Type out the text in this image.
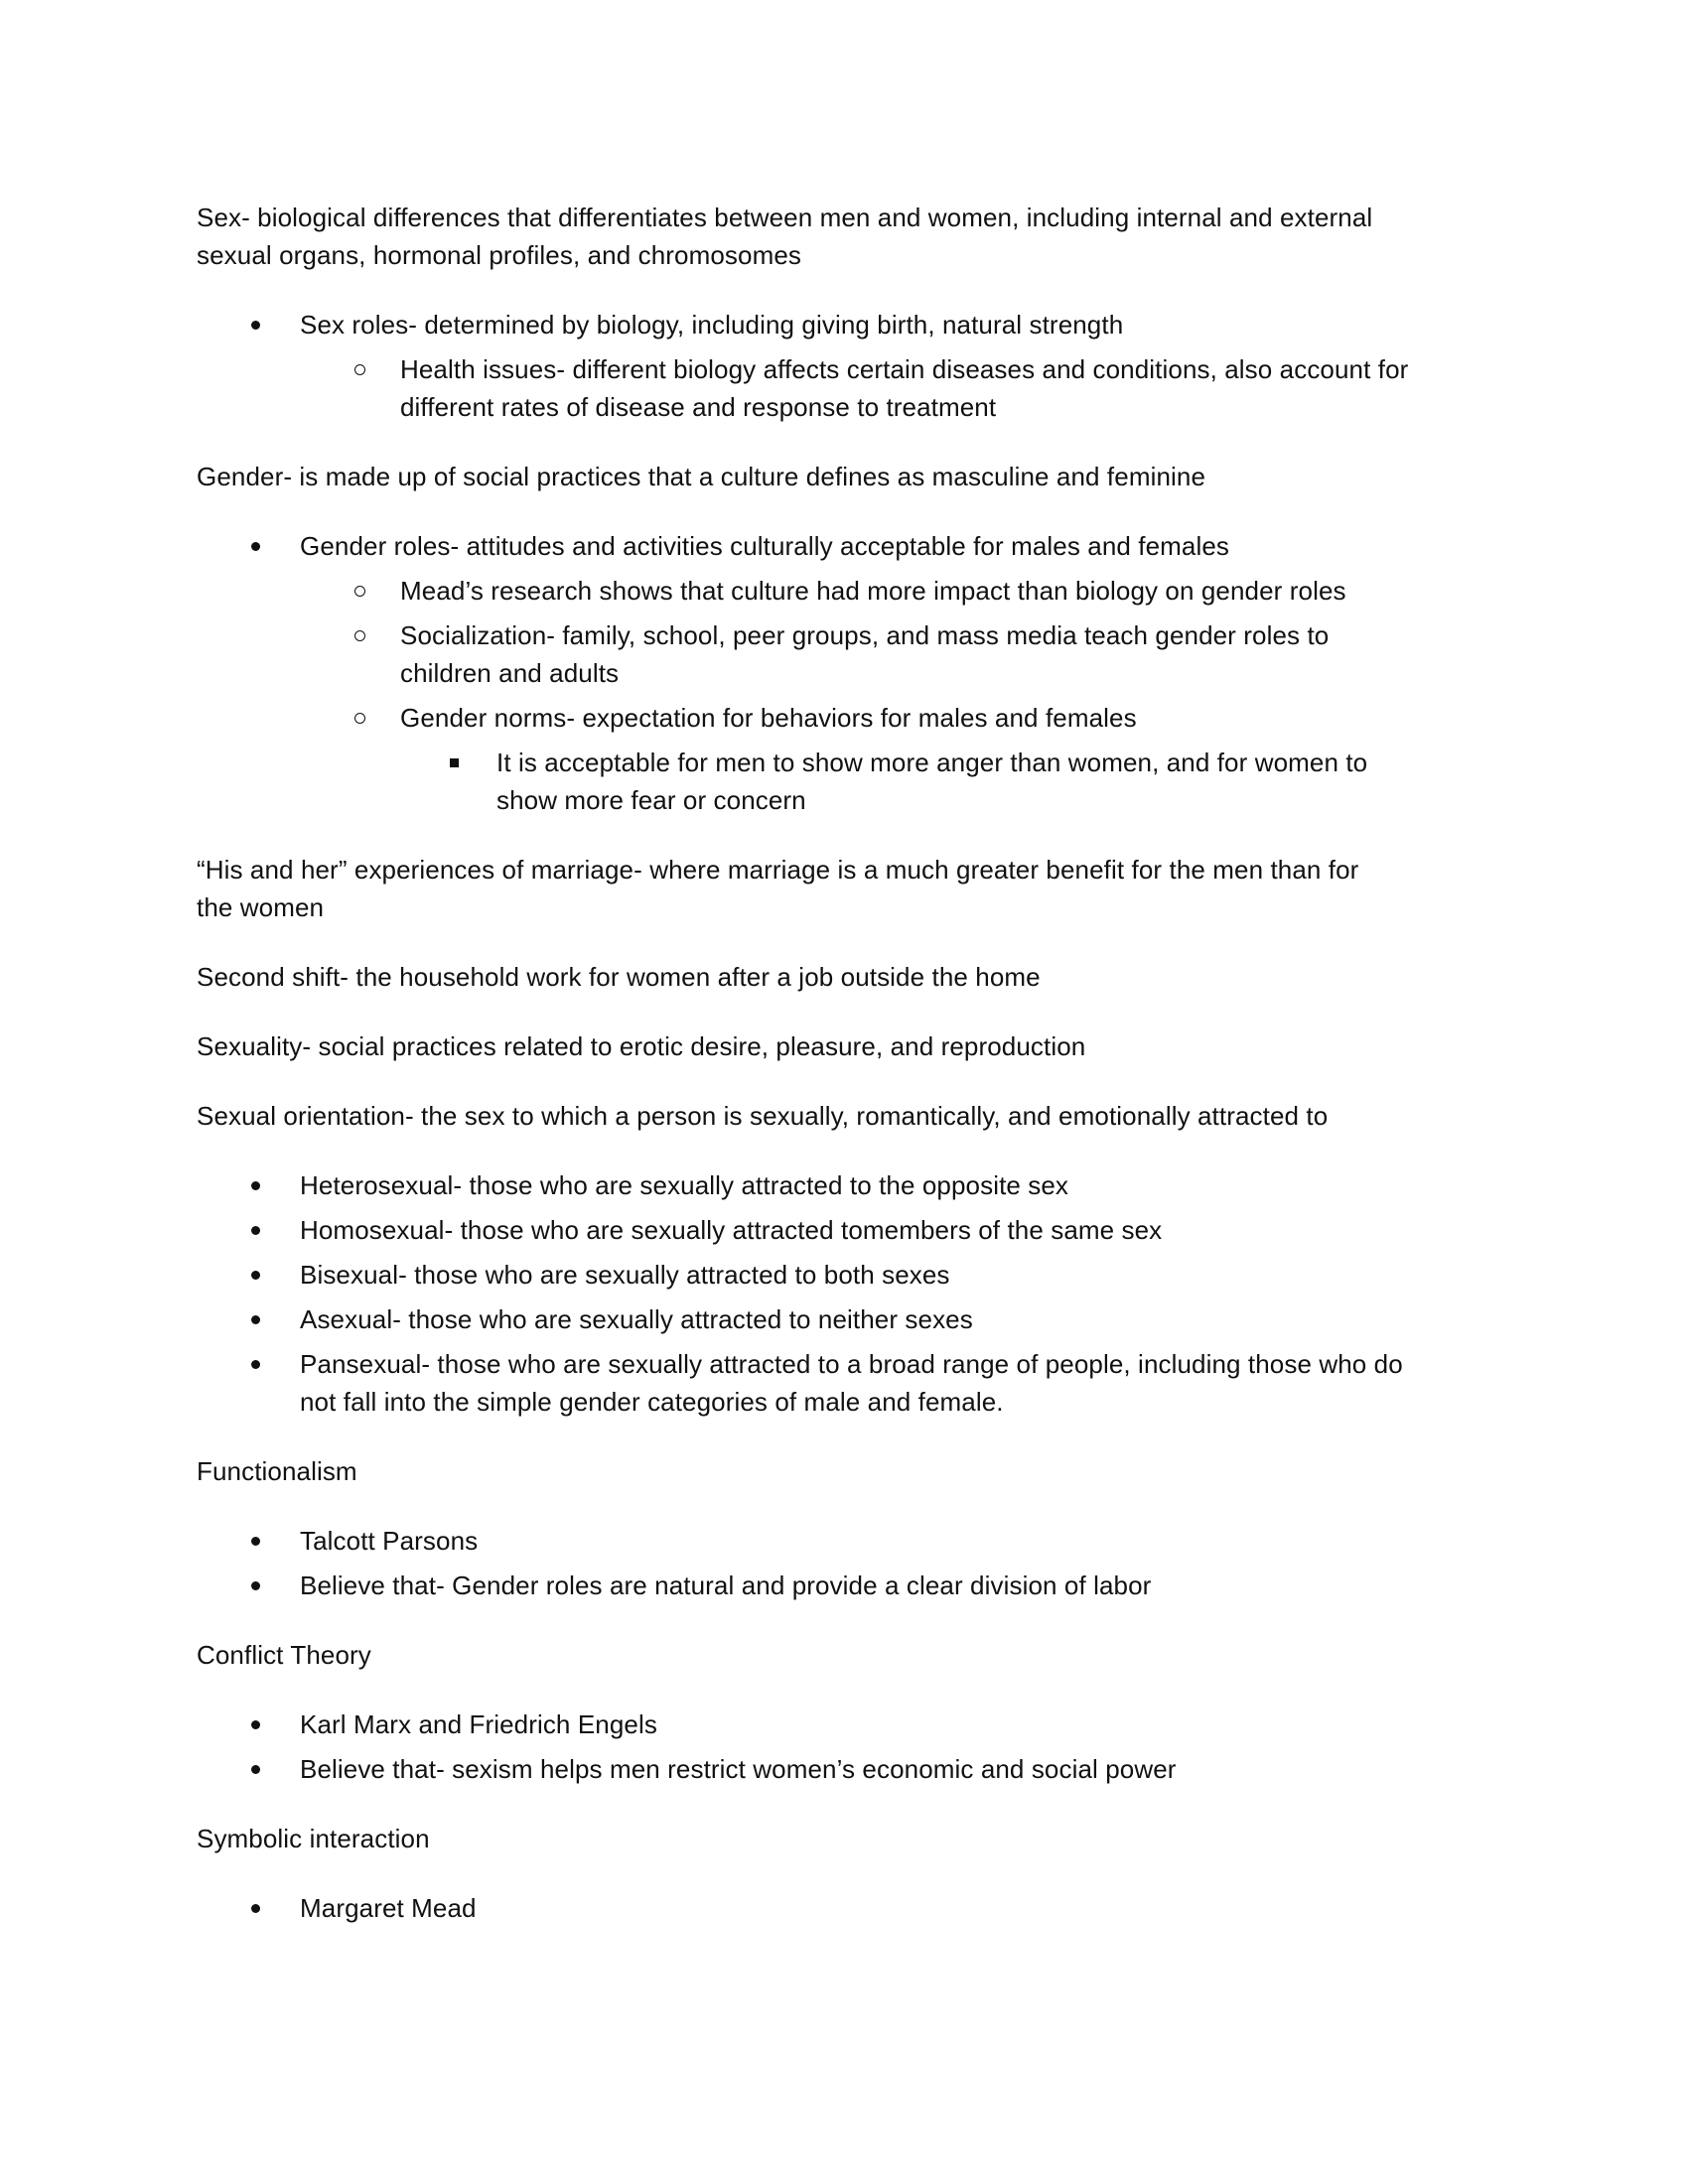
Sex- biological differences that differentiates between men and women, including internal and external
sexual organs, hormonal profiles, and chromosomes
Sex roles- determined by biology, including giving birth, natural strength
Health issues- different biology affects certain diseases and conditions, also account for
different rates of disease and response to treatment
Gender- is made up of social practices that a culture defines as masculine and feminine
Gender roles- attitudes and activities culturally acceptable for males and females
Mead’s research shows that culture had more impact than biology on gender roles
Socialization- family, school, peer groups, and mass media teach gender roles to
children and adults
Gender norms- expectation for behaviors for males and females
It is acceptable for men to show more anger than women, and for women to
show more fear or concern
“His and her” experiences of marriage- where marriage is a much greater benefit for the men than for
the women
Second shift- the household work for women after a job outside the home
Sexuality- social practices related to erotic desire, pleasure, and reproduction
Sexual orientation- the sex to which a person is sexually, romantically, and emotionally attracted to
Heterosexual- those who are sexually attracted to the opposite sex
Homosexual- those who are sexually attracted tomembers of the same sex
Bisexual- those who are sexually attracted to both sexes
Asexual- those who are sexually attracted to neither sexes
Pansexual- those who are sexually attracted to a broad range of people, including those who do
not fall into the simple gender categories of male and female.
Functionalism
Talcott Parsons
Believe that- Gender roles are natural and provide a clear division of labor
Conflict Theory
Karl Marx and Friedrich Engels
Believe that- sexism helps men restrict women’s economic and social power
Symbolic interaction
Margaret Mead
